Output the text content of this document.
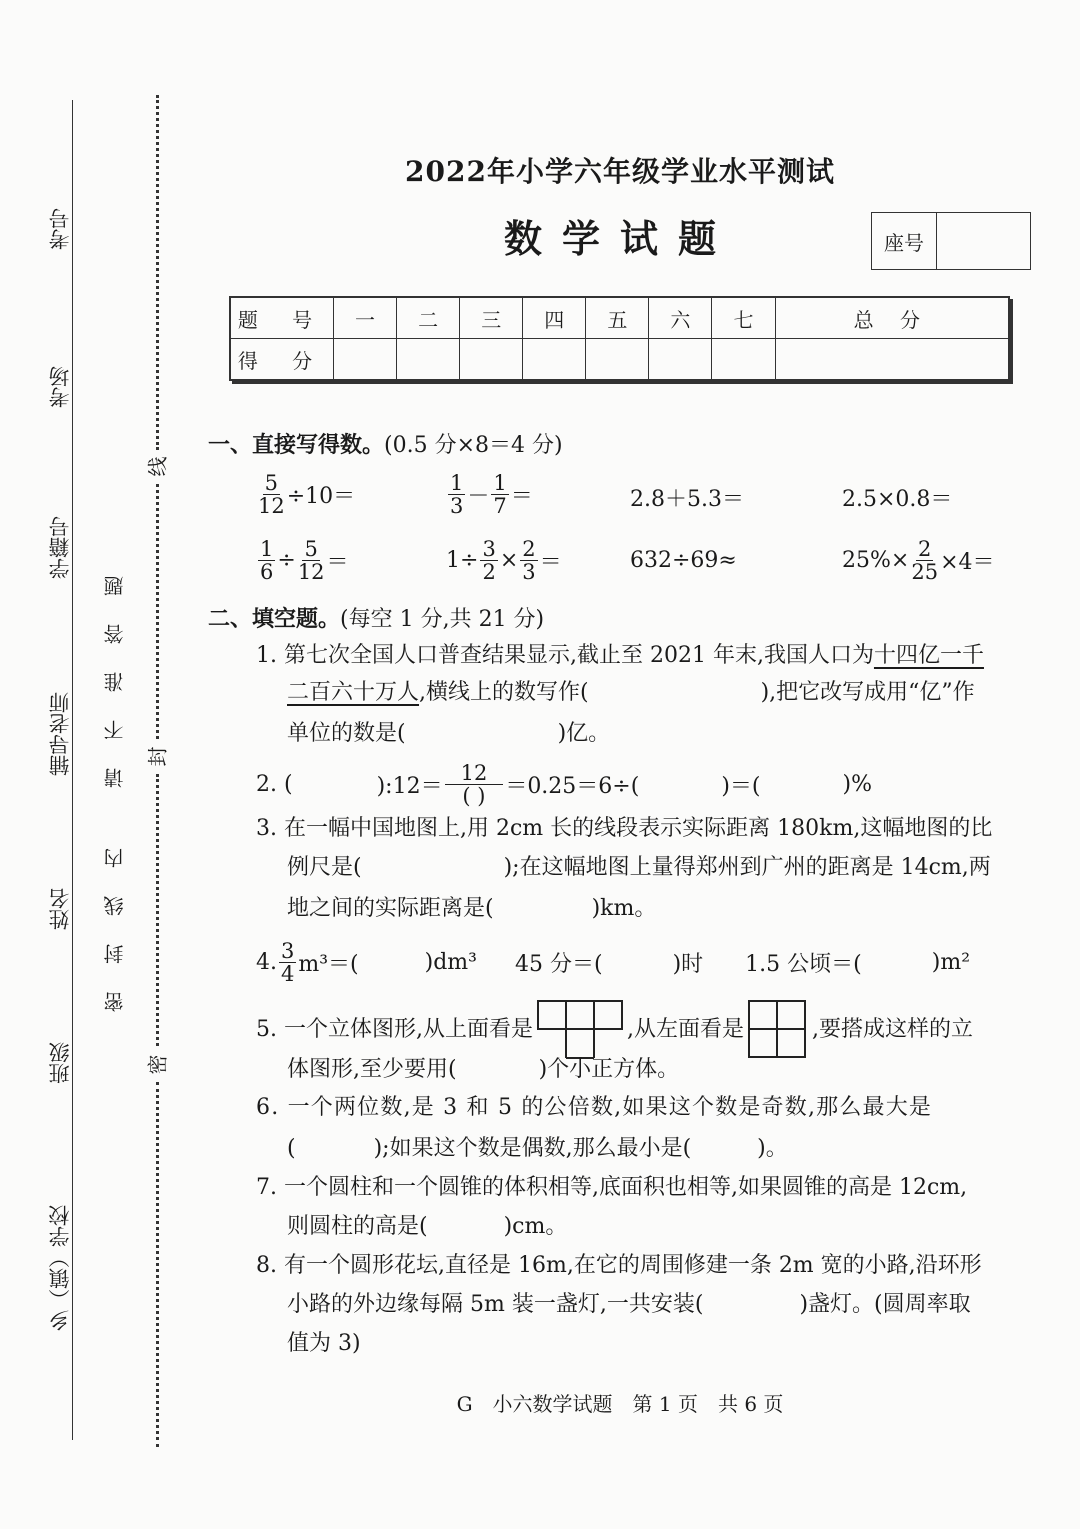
考号
考场
学籍号
辅导老师
姓名
班级
乡（镇）学校
请不准答题
密封线内
线
封
密
2022年小学六年级学业水平测试
数学试题	座号
题 号	一	二	三	四	五	六	七	总 分
得 分								
一、直接写得数。(0.5 分×8＝4 分)
$\frac{5}{12} \div 10=$	$\frac{1}{3} - \frac{1}{7}$ ＝	2.8＋5.3＝	2.5×0.8＝
$\frac{1}{6} \div \frac{5}{12}$ ＝	$1\div \frac{3}{2} \times \frac{2}{3}$ ＝	632÷69≈	$25\%\times \frac{2}{25} \times 4=$
二、填空题。(每空 1 分,共 21 分)
1. 第七次全国人口普查结果显示,截止至 2021 年末,我国人口为十四亿一千
二百六十万人,横线上的数写作(	),把它改写成用“亿”作
单位的数是(	)亿。
2. (	):12＝ $\frac{12}{( )} =0.25=6\div$(	)＝(	)%
3. 在一幅中国地图上,用 2cm 长的线段表示实际距离 180km,这幅地图的比
例尺是(	);在这幅地图上量得郑州到广州的距离是 14cm,两
地之间的实际距离是(	)km。
4. $\frac{3}{4} m^3=$(	)dm³ 45 分＝(	)时 1.5 公顷＝(	)m²
5. 一个立体图形,从上面看是	,从左面看是	,要搭成这样的立
体图形,至少要用(	)个小正方体。
6. 一个两位数,是 3 和 5 的公倍数,如果这个数是奇数,那么最大是
(	);如果这个数是偶数,那么最小是(	)。
7. 一个圆柱和一个圆锥的体积相等,底面积也相等,如果圆锥的高是 12cm,
则圆柱的高是(	)cm。
8. 有一个圆形花坛,直径是 16m,在它的周围修建一条 2m 宽的小路,沿环形
小路的外边缘每隔 5m 装一盏灯,一共安装(	)盏灯。(圆周率取
值为 3)
G　小六数学试题　第 1 页　共 6 页
